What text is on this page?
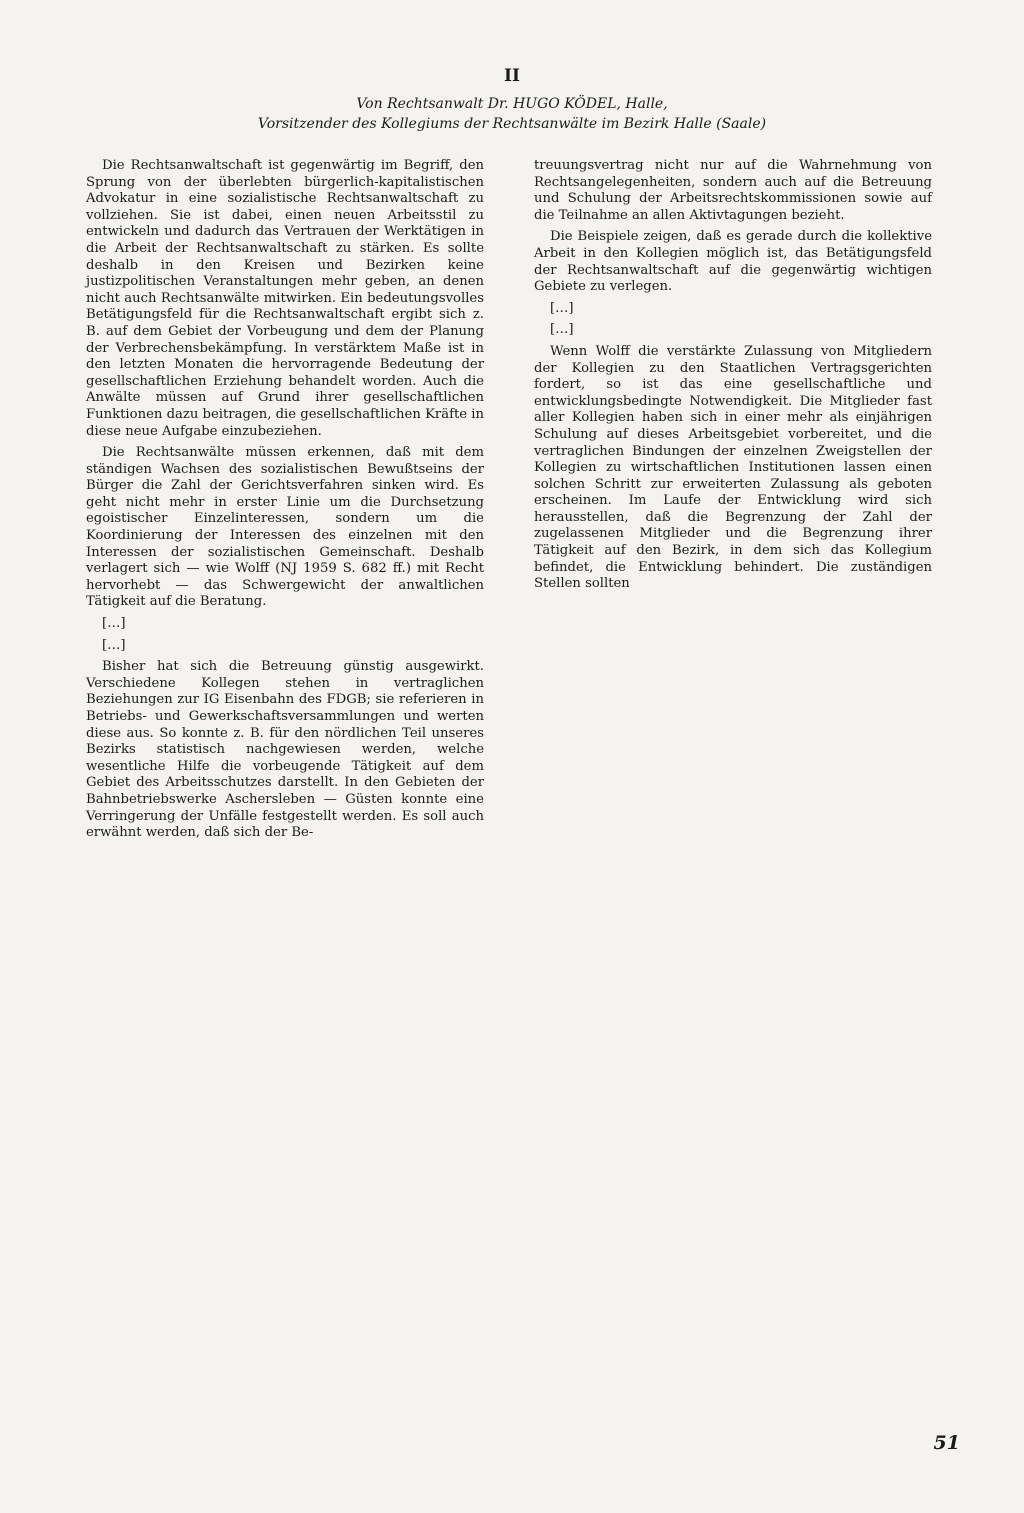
II

Von Rechtsanwalt Dr. HUGO KÖDEL, Halle,

Vorsitzender des Kollegiums der Rechtsanwälte im Bezirk Halle (Saale)

Die Rechtsanwaltschaft ist gegenwärtig im Begriff, den Sprung von der überlebten bürgerlich-kapitalistischen Advokatur in eine sozialistische Rechtsanwaltschaft zu vollziehen. Sie ist dabei, einen neuen Arbeitsstil zu entwickeln und dadurch das Vertrauen der Werktätigen in die Arbeit der Rechtsanwaltschaft zu stärken. Es sollte deshalb in den Kreisen und Bezirken keine justizpolitischen Veranstaltungen mehr geben, an denen nicht auch Rechtsanwälte mitwirken. Ein bedeutungsvolles Betätigungsfeld für die Rechtsanwaltschaft ergibt sich z. B. auf dem Gebiet der Vorbeugung und dem der Planung der Verbrechensbekämpfung. In verstärktem Maße ist in den letzten Monaten die hervorragende Bedeutung der gesellschaftlichen Erziehung behandelt worden. Auch die Anwälte müssen auf Grund ihrer gesellschaftlichen Funktionen dazu beitragen, die gesellschaftlichen Kräfte in diese neue Aufgabe einzubeziehen.

Die Rechtsanwälte müssen erkennen, daß mit dem ständigen Wachsen des sozialistischen Bewußtseins der Bürger die Zahl der Gerichtsverfahren sinken wird. Es geht nicht mehr in erster Linie um die Durchsetzung egoistischer Einzelinteressen, sondern um die Koordinierung der Interessen des einzelnen mit den Interessen der sozialistischen Gemeinschaft. Deshalb verlagert sich — wie Wolff (NJ 1959 S. 682 ff.) mit Recht hervorhebt — das Schwergewicht der anwaltlichen Tätigkeit auf die Beratung.

[…]

[…]

Bisher hat sich die Betreuung günstig ausgewirkt. Verschiedene Kollegen stehen in vertraglichen Beziehungen zur IG Eisenbahn des FDGB; sie referieren in Betriebs- und Gewerkschaftsversammlungen und werten diese aus. So konnte z. B. für den nördlichen Teil unseres Bezirks statistisch nachgewiesen werden, welche wesentliche Hilfe die vorbeugende Tätigkeit auf dem Gebiet des Arbeitsschutzes darstellt. In den Gebieten der Bahnbetriebswerke Aschersleben — Güsten konnte eine Verringerung der Unfälle festgestellt werden. Es soll auch erwähnt werden, daß sich der Be-

treuungsvertrag nicht nur auf die Wahrnehmung von Rechtsangelegenheiten, sondern auch auf die Betreuung und Schulung der Arbeitsrechtskommissionen sowie auf die Teilnahme an allen Aktivtagungen bezieht.

Die Beispiele zeigen, daß es gerade durch die kollektive Arbeit in den Kollegien möglich ist, das Betätigungsfeld der Rechtsanwaltschaft auf die gegenwärtig wichtigen Gebiete zu verlegen.

[…]

[…]

Wenn Wolff die verstärkte Zulassung von Mitgliedern der Kollegien zu den Staatlichen Vertragsgerichten fordert, so ist das eine gesellschaftliche und entwicklungsbedingte Notwendigkeit. Die Mitglieder fast aller Kollegien haben sich in einer mehr als einjährigen Schulung auf dieses Arbeitsgebiet vorbereitet, und die vertraglichen Bindungen der einzelnen Zweigstellen der Kollegien zu wirtschaftlichen Institutionen lassen einen solchen Schritt zur erweiterten Zulassung als geboten erscheinen. Im Laufe der Entwicklung wird sich herausstellen, daß die Begrenzung der Zahl der zugelassenen Mitglieder und die Begrenzung ihrer Tätigkeit auf den Bezirk, in dem sich das Kollegium befindet, die Entwicklung behindert. Die zuständigen Stellen sollten

51
